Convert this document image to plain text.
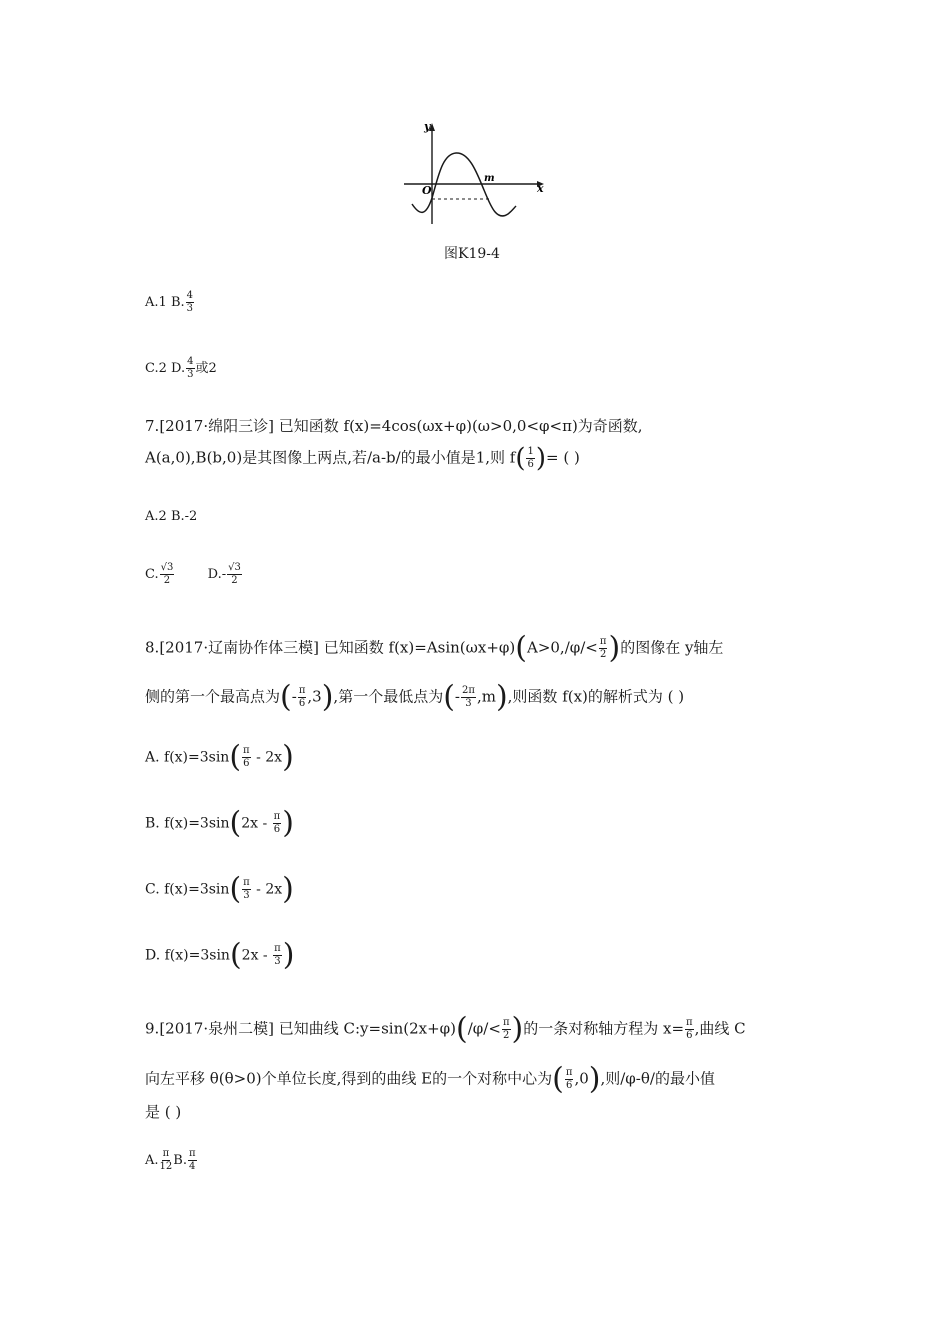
y
x
O
m
图K19-4
A.1 B. $\frac{4}{3}$
C.2 D. $\frac{4}{3}$ 或2
7.[2017·绵阳三诊] 已知函数 f(x)=4cos(ωx+φ)(ω>0,0<φ<π)为奇函数,
A(a,0),B(b,0)是其图像上两点,若/a-b/的最小值是1,则 $f( \frac{1}{6}$ )= ( )
A.2 B.-2
C. $\frac{√3}{2}$	$D.- \frac{√3}{2}$
8.[2017·辽南协作体三模] 已知函数 $f(x)=Asin(\omega x+\varphi)(A>0,/\varphi/< \frac{\pi}{2}$ )的图像在 y轴左
侧的第一个最高点为(- $\frac{\pi}{6} ,3$),第一个最低点为(- $\frac{2\pi}{3} ,m$),则函数 f(x)的解析式为 ( )
A. $f(x)=3\sin( \frac{\pi}{6} - 2x)$
B. $f(x)=3\sin(2x - \frac{\pi}{6}$ )
C. $f(x)=3\sin( \frac{\pi}{3} - 2x)$
D. $f(x)=3\sin(2x - \frac{\pi}{3}$ )
9.[2017·泉州二模] 已知曲线 C:y=sin(2x+φ)(/φ/< $\frac{\pi}{2}$ )的一条对称轴方程为 $x= \frac{\pi}{6}$ ,曲线 C
向左平移 θ(θ>0)个单位长度,得到的曲线 E的一个对称中心为( $\frac{\pi}{6} ,0$),则/φ-θ/的最小值
是 ( )
A. $\frac{\pi}{12} B$. $\frac{\pi}{4}$
